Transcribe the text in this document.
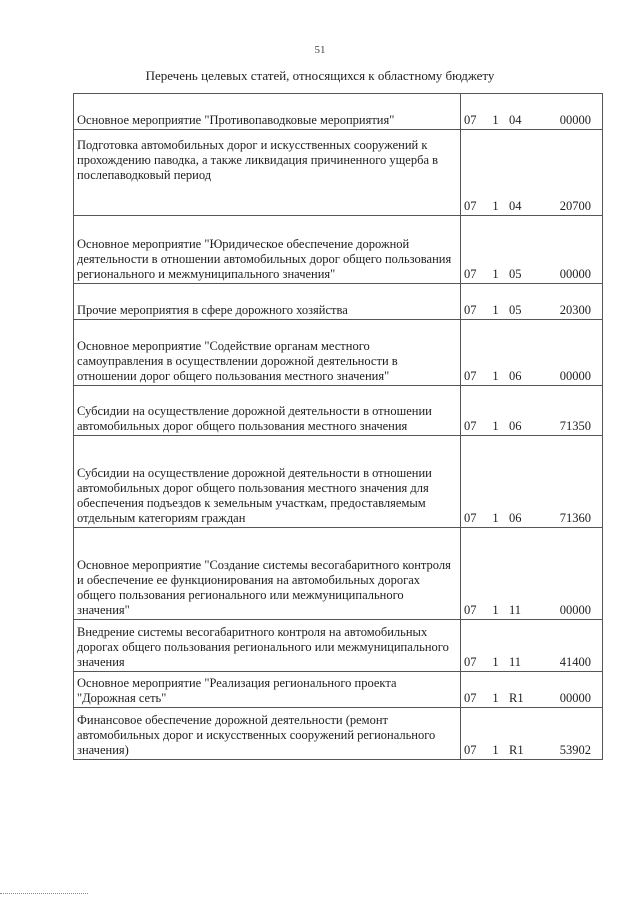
51
Перечень целевых статей, относящихся к областному бюджету
Основное мероприятие "Противопаводковые мероприятия"	07 1 04 00000

Подготовка автомобильных дорог и искусственных сооружений к прохождению паводка, а также ликвидация причиненного ущерба в послепаводковый период	07 1 04 20700

Основное мероприятие "Юридическое обеспечение дорожной деятельности в отношении автомобильных дорог общего пользования регионального и межмуниципального значения"	07 1 05 00000

Прочие мероприятия в сфере дорожного хозяйства	07 1 05 20300

Основное мероприятие "Содействие органам местного самоуправления в осуществлении дорожной деятельности в отношении дорог общего пользования местного значения"	07 1 06 00000

Субсидии на осуществление дорожной деятельности в отношении автомобильных дорог общего пользования местного значения	07 1 06 71350

Субсидии на осуществление дорожной деятельности в отношении автомобильных дорог общего пользования местного значения для обеспечения подъездов к земельным участкам, предоставляемым отдельным категориям граждан	07 1 06 71360

Основное мероприятие "Создание системы весогабаритного контроля и обеспечение ее функционирования на автомобильных дорогах общего пользования регионального или межмуниципального значения"	07 1 11 00000

Внедрение системы весогабаритного контроля на автомобильных дорогах общего пользования регионального или межмуниципального значения	07 1 11 41400

Основное мероприятие "Реализация регионального проекта "Дорожная сеть"	07 1 R1 00000

Финансовое обеспечение дорожной деятельности (ремонт автомобильных дорог и искусственных сооружений регионального значения)	07 1 R1 53902
